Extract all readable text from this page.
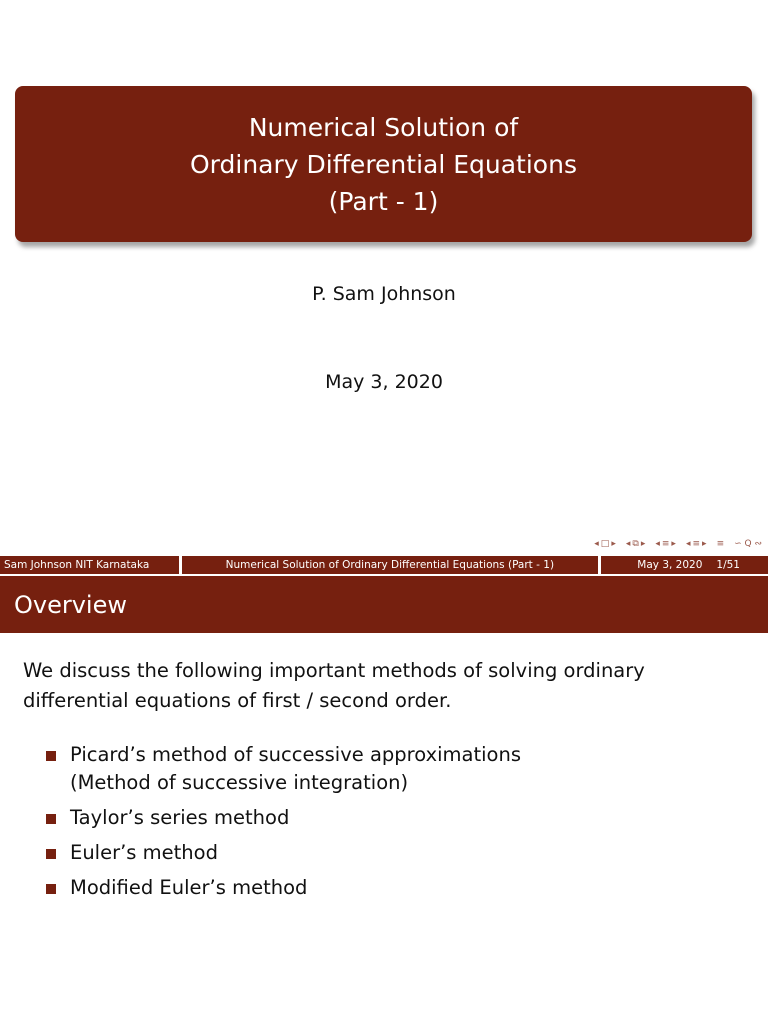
Numerical Solution of
Ordinary Differential Equations
(Part - 1)
P. Sam Johnson
May 3, 2020
◂ □ ▸ ◂ ⧉ ▸ ◂ ≡ ▸ ◂ ≡ ▸ ≡ ∽ Q ∾
Sam Johnson NIT Karnataka	Numerical Solution of Ordinary Differential Equations (Part - 1)	May 3, 2020 1/51
Overview
We discuss the following important methods of solving ordinary differential equations of first / second order.
Picard’s method of successive approximations
(Method of successive integration)
Taylor’s series method
Euler’s method
Modified Euler’s method
